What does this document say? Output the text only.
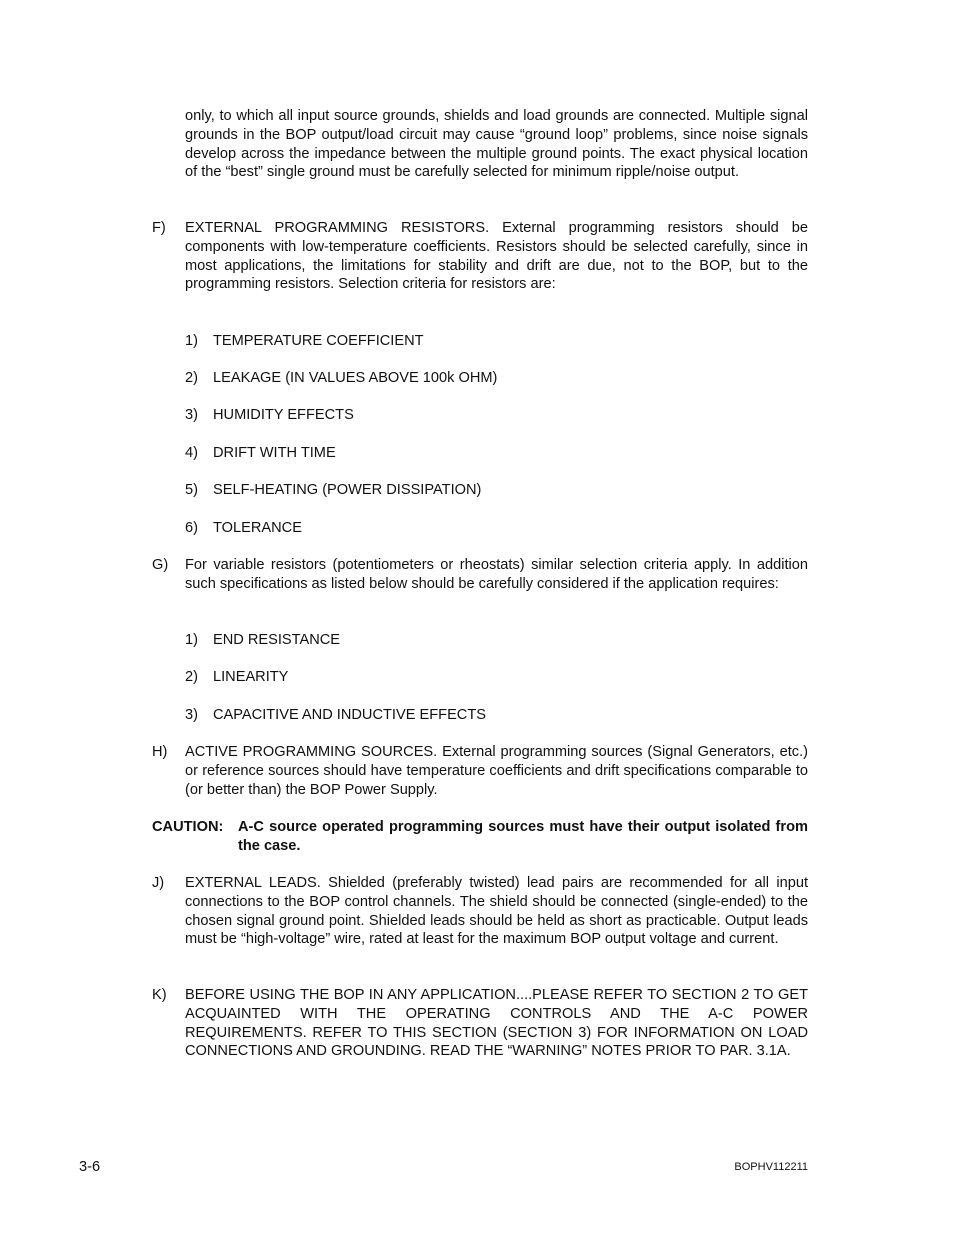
only, to which all input source grounds, shields and load grounds are connected. Multiple signal grounds in the BOP output/load circuit may cause “ground loop” problems, since noise signals develop across the impedance between the multiple ground points. The exact physical location of the “best” single ground must be carefully selected for minimum ripple/noise output.

F) EXTERNAL PROGRAMMING RESISTORS. External programming resistors should be components with low-temperature coefficients. Resistors should be selected carefully, since in most applications, the limitations for stability and drift are due, not to the BOP, but to the programming resistors. Selection criteria for resistors are:

1) TEMPERATURE COEFFICIENT
2) LEAKAGE (IN VALUES ABOVE 100k OHM)
3) HUMIDITY EFFECTS
4) DRIFT WITH TIME
5) SELF-HEATING (POWER DISSIPATION)
6) TOLERANCE
G) For variable resistors (potentiometers or rheostats) similar selection criteria apply. In addition such specifications as listed below should be carefully considered if the application requires:

1) END RESISTANCE
2) LINEARITY
3) CAPACITIVE AND INDUCTIVE EFFECTS
H) ACTIVE PROGRAMMING SOURCES. External programming sources (Signal Generators, etc.) or reference sources should have temperature coefficients and drift specifications comparable to (or better than) the BOP Power Supply.

CAUTION: A-C source operated programming sources must have their output isolated from the case.

J) EXTERNAL LEADS. Shielded (preferably twisted) lead pairs are recommended for all input connections to the BOP control channels. The shield should be connected (single-ended) to the chosen signal ground point. Shielded leads should be held as short as practicable. Output leads must be “high-voltage” wire, rated at least for the maximum BOP output voltage and current.

K) BEFORE USING THE BOP IN ANY APPLICATION....PLEASE REFER TO SECTION 2 TO GET ACQUAINTED WITH THE OPERATING CONTROLS AND THE A-C POWER REQUIREMENTS. REFER TO THIS SECTION (SECTION 3) FOR INFORMATION ON LOAD CONNECTIONS AND GROUNDING. READ THE “WARNING” NOTES PRIOR TO PAR. 3.1A.

3-6	BOPHV112211
